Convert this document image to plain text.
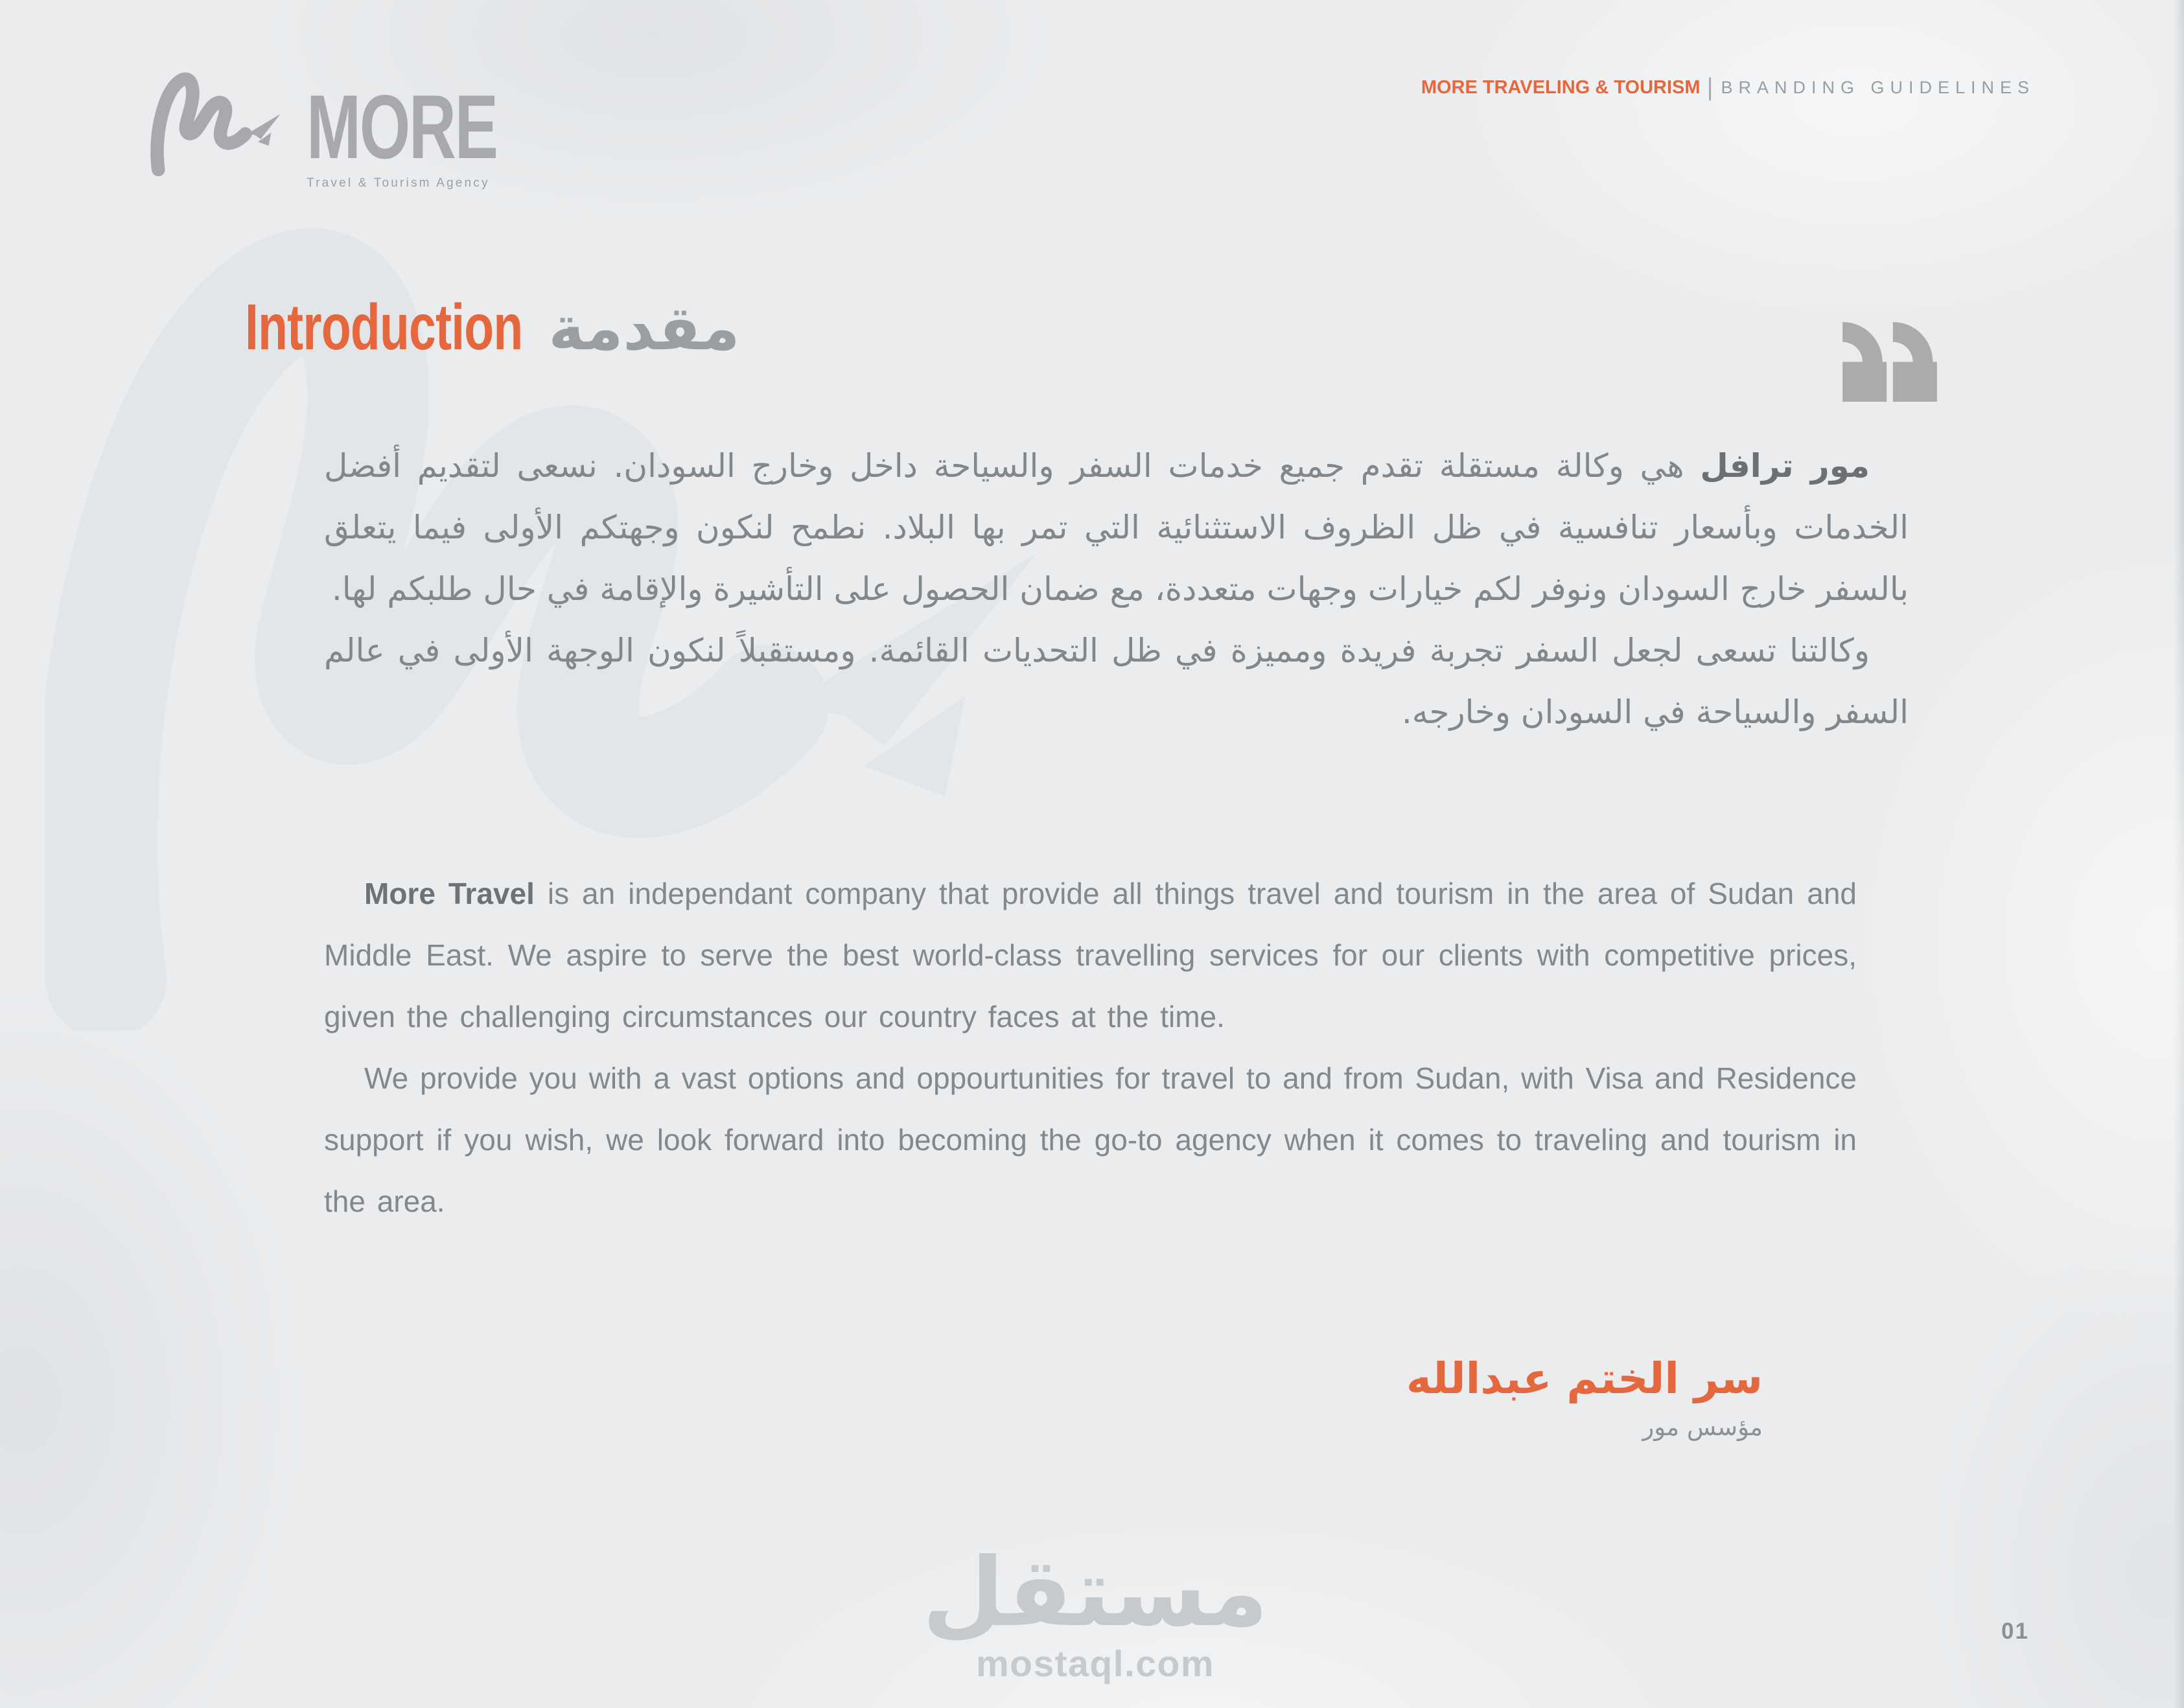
MORE
Travel & Tourism Agency
MORE TRAVELING & TOURISM | BRANDING GUIDELINES
Introduction مقدمة

مور ترافل هي وكالة مستقلة تقدم جميع خدمات السفر والسياحة داخل وخارج السودان. نسعى لتقديم أفضل الخدمات وبأسعار تنافسية في ظل الظروف الاستثنائية التي تمر بها البلاد. نطمح لنكون وجهتكم الأولى فيما يتعلق بالسفر خارج السودان ونوفر لكم خيارات وجهات متعددة، مع ضمان الحصول على التأشيرة والإقامة في حال طلبكم لها.

وكالتنا تسعى لجعل السفر تجربة فريدة ومميزة في ظل التحديات القائمة. ومستقبلاً لنكون الوجهة الأولى في عالم السفر والسياحة في السودان وخارجه.

More Travel is an independant company that provide all things travel and tourism in the area of Sudan and Middle East. We aspire to serve the best world-class travelling services for our clients with competitive prices, given the challenging circumstances our country faces at the time.

We provide you with a vast options and oppourtunities for travel to and from Sudan, with Visa and Residence support if you wish, we look forward into becoming the go-to agency when it comes to traveling and tourism in the area.

سر الختم عبدالله
مؤسس مور
مستقل
mostaql.com
01
